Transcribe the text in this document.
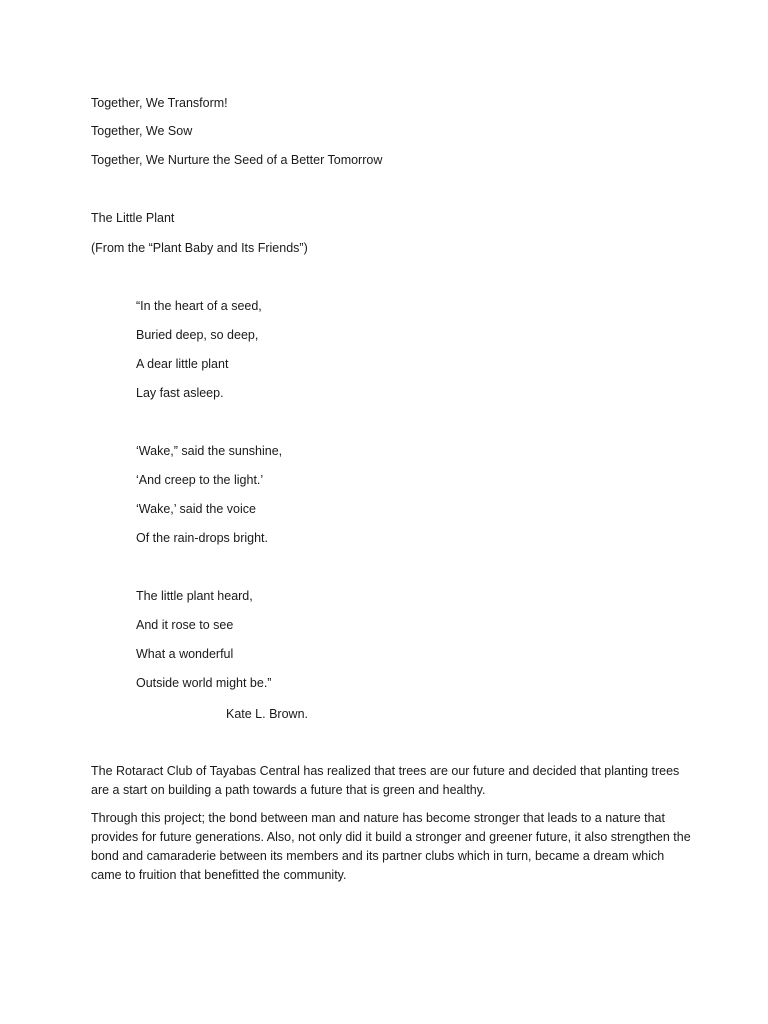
Together, We Transform!
Together, We Sow
Together, We Nurture the Seed of a Better Tomorrow
The Little Plant
(From the “Plant Baby and Its Friends”)
“In the heart of a seed,
Buried deep, so deep,
A dear little plant
Lay fast asleep.
‘Wake,” said the sunshine,
‘And creep to the light.’
‘Wake,’ said the voice
Of the rain-drops bright.
The little plant heard,
And it rose to see
What a wonderful
Outside world might be.”
Kate L. Brown.

The Rotaract Club of Tayabas Central has realized that trees are our future and decided that planting trees are a start on building a path towards a future that is green and healthy.

Through this project; the bond between man and nature has become stronger that leads to a nature that provides for future generations. Also, not only did it build a stronger and greener future, it also strengthen the bond and camaraderie between its members and its partner clubs which in turn, became a dream which came to fruition that benefitted the community.
